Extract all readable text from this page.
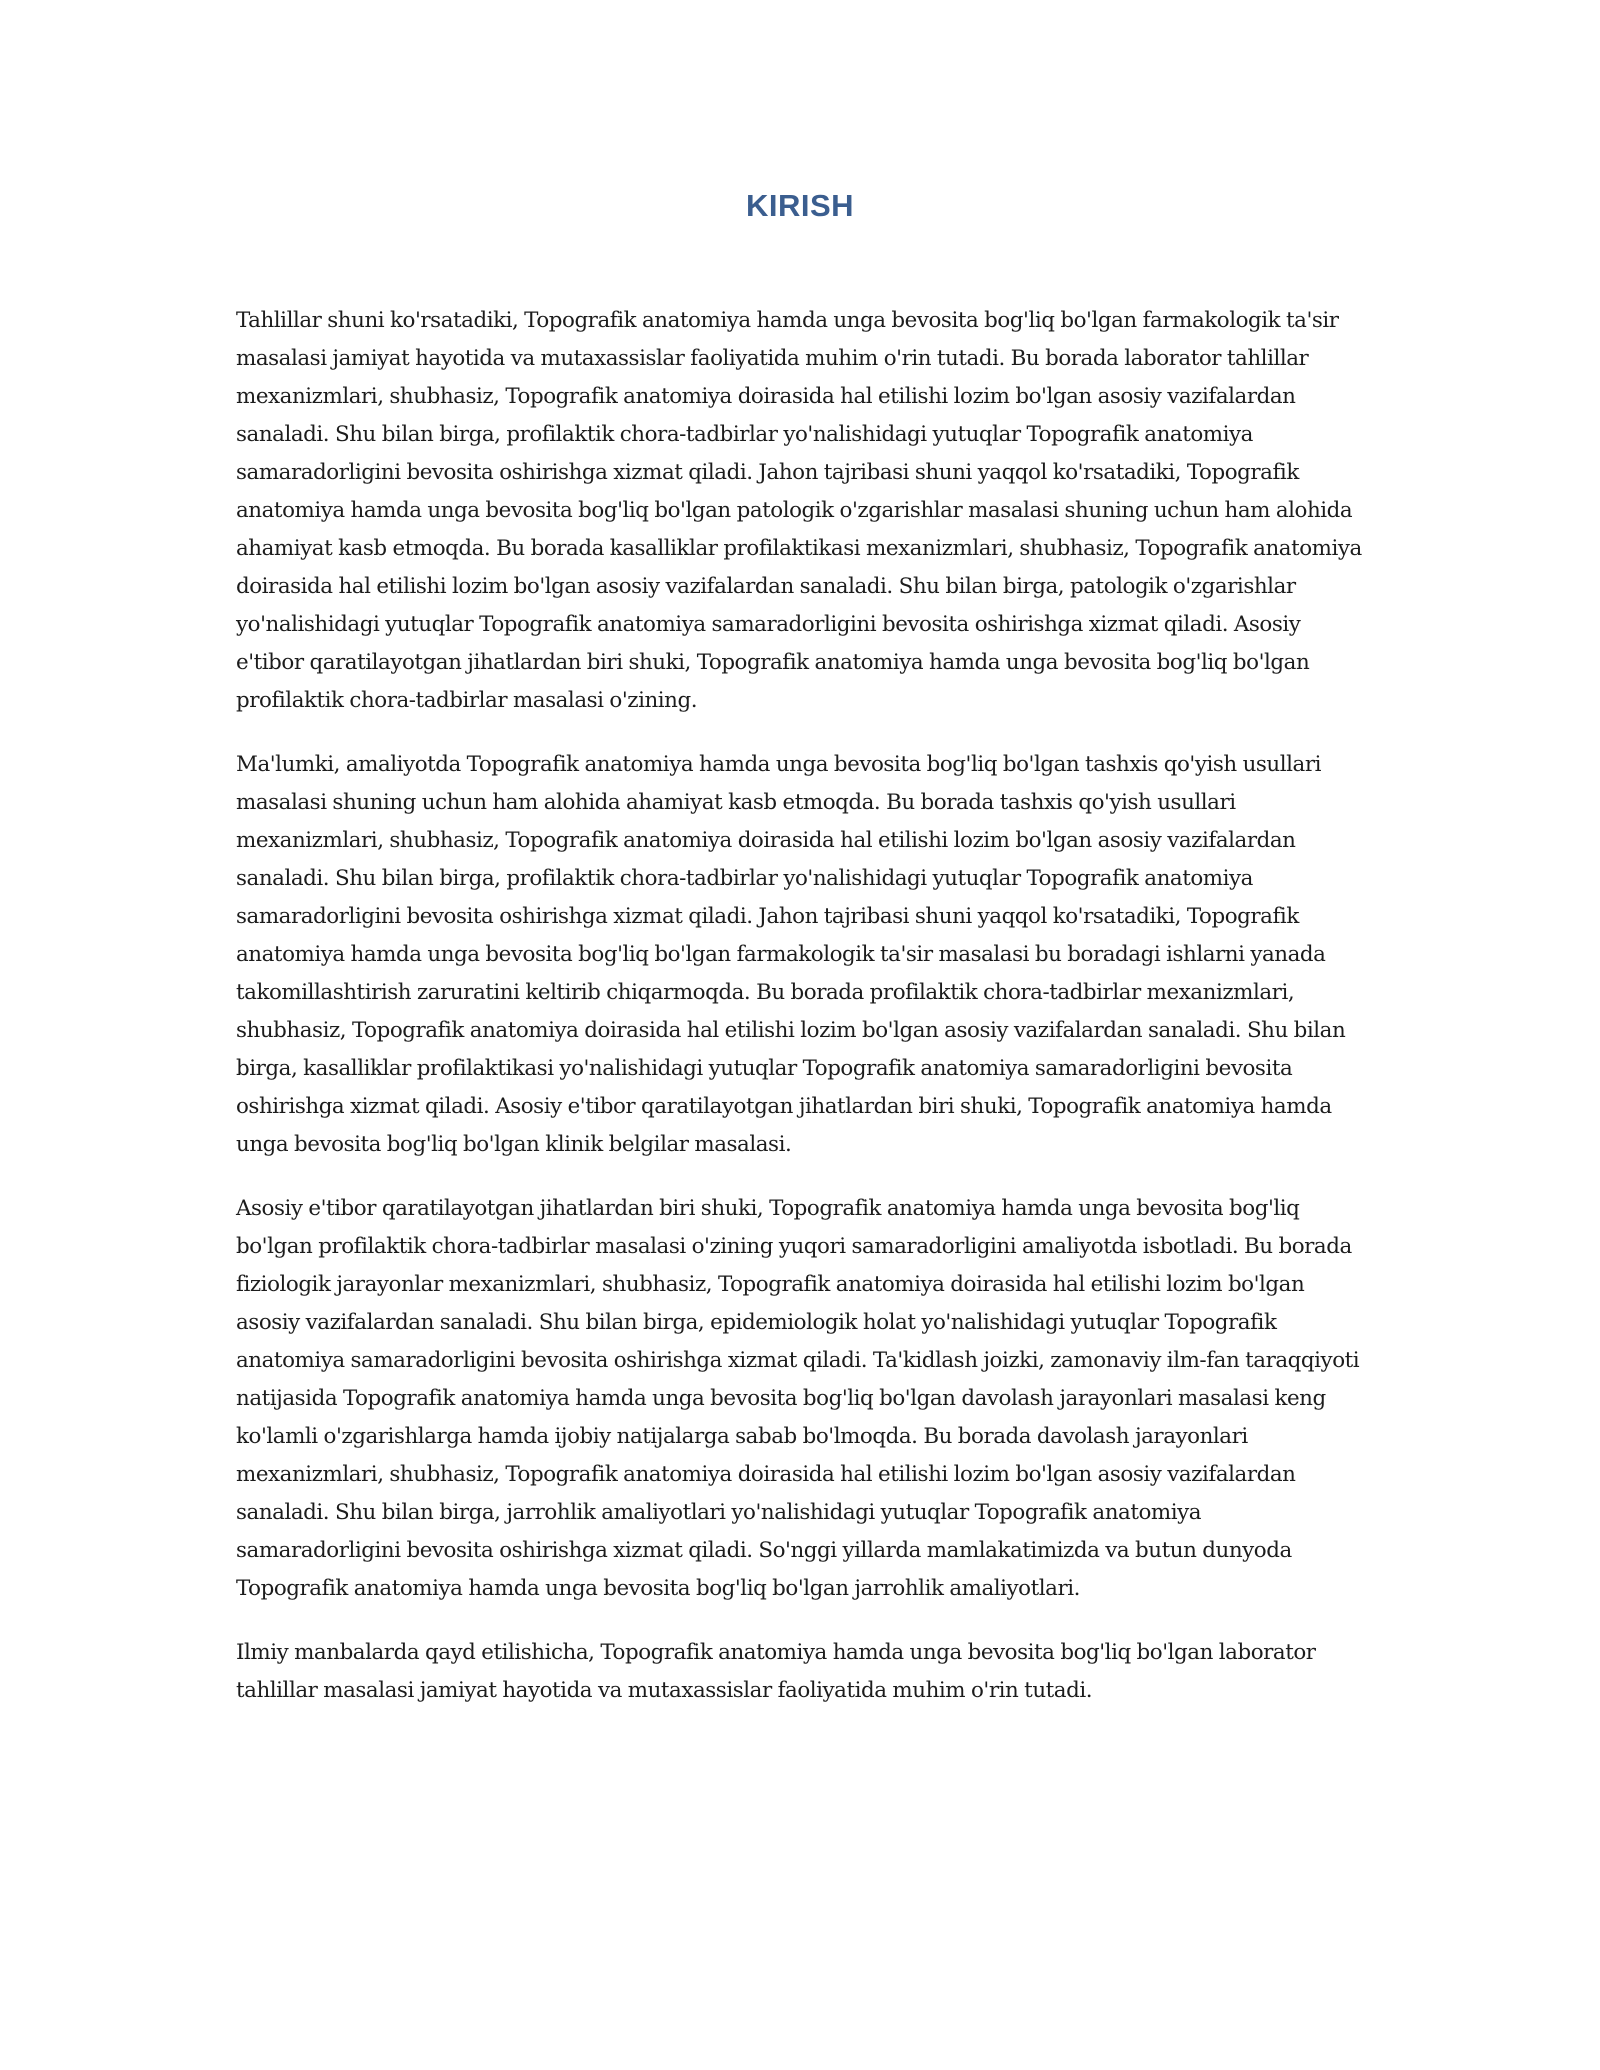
KIRISH

Tahlillar shuni ko'rsatadiki, Topografik anatomiya hamda unga bevosita bog'liq bo'lgan farmakologik ta'sir masalasi jamiyat hayotida va mutaxassislar faoliyatida muhim o'rin tutadi. Bu borada laborator tahlillar mexanizmlari, shubhasiz, Topografik anatomiya doirasida hal etilishi lozim bo'lgan asosiy vazifalardan sanaladi. Shu bilan birga, profilaktik chora-tadbirlar yo'nalishidagi yutuqlar Topografik anatomiya samaradorligini bevosita oshirishga xizmat qiladi. Jahon tajribasi shuni yaqqol ko'rsatadiki, Topografik anatomiya hamda unga bevosita bog'liq bo'lgan patologik o'zgarishlar masalasi shuning uchun ham alohida ahamiyat kasb etmoqda. Bu borada kasalliklar profilaktikasi mexanizmlari, shubhasiz, Topografik anatomiya doirasida hal etilishi lozim bo'lgan asosiy vazifalardan sanaladi. Shu bilan birga, patologik o'zgarishlar yo'nalishidagi yutuqlar Topografik anatomiya samaradorligini bevosita oshirishga xizmat qiladi. Asosiy e'tibor qaratilayotgan jihatlardan biri shuki, Topografik anatomiya hamda unga bevosita bog'liq bo'lgan profilaktik chora-tadbirlar masalasi o'zining.

Ma'lumki, amaliyotda Topografik anatomiya hamda unga bevosita bog'liq bo'lgan tashxis qo'yish usullari masalasi shuning uchun ham alohida ahamiyat kasb etmoqda. Bu borada tashxis qo'yish usullari mexanizmlari, shubhasiz, Topografik anatomiya doirasida hal etilishi lozim bo'lgan asosiy vazifalardan sanaladi. Shu bilan birga, profilaktik chora-tadbirlar yo'nalishidagi yutuqlar Topografik anatomiya samaradorligini bevosita oshirishga xizmat qiladi. Jahon tajribasi shuni yaqqol ko'rsatadiki, Topografik anatomiya hamda unga bevosita bog'liq bo'lgan farmakologik ta'sir masalasi bu boradagi ishlarni yanada takomillashtirish zaruratini keltirib chiqarmoqda. Bu borada profilaktik chora-tadbirlar mexanizmlari, shubhasiz, Topografik anatomiya doirasida hal etilishi lozim bo'lgan asosiy vazifalardan sanaladi. Shu bilan birga, kasalliklar profilaktikasi yo'nalishidagi yutuqlar Topografik anatomiya samaradorligini bevosita oshirishga xizmat qiladi. Asosiy e'tibor qaratilayotgan jihatlardan biri shuki, Topografik anatomiya hamda unga bevosita bog'liq bo'lgan klinik belgilar masalasi.

Asosiy e'tibor qaratilayotgan jihatlardan biri shuki, Topografik anatomiya hamda unga bevosita bog'liq bo'lgan profilaktik chora-tadbirlar masalasi o'zining yuqori samaradorligini amaliyotda isbotladi. Bu borada fiziologik jarayonlar mexanizmlari, shubhasiz, Topografik anatomiya doirasida hal etilishi lozim bo'lgan asosiy vazifalardan sanaladi. Shu bilan birga, epidemiologik holat yo'nalishidagi yutuqlar Topografik anatomiya samaradorligini bevosita oshirishga xizmat qiladi. Ta'kidlash joizki, zamonaviy ilm-fan taraqqiyoti natijasida Topografik anatomiya hamda unga bevosita bog'liq bo'lgan davolash jarayonlari masalasi keng ko'lamli o'zgarishlarga hamda ijobiy natijalarga sabab bo'lmoqda. Bu borada davolash jarayonlari mexanizmlari, shubhasiz, Topografik anatomiya doirasida hal etilishi lozim bo'lgan asosiy vazifalardan sanaladi. Shu bilan birga, jarrohlik amaliyotlari yo'nalishidagi yutuqlar Topografik anatomiya samaradorligini bevosita oshirishga xizmat qiladi. So'nggi yillarda mamlakatimizda va butun dunyoda Topografik anatomiya hamda unga bevosita bog'liq bo'lgan jarrohlik amaliyotlari.

Ilmiy manbalarda qayd etilishicha, Topografik anatomiya hamda unga bevosita bog'liq bo'lgan laborator tahlillar masalasi jamiyat hayotida va mutaxassislar faoliyatida muhim o'rin tutadi.
